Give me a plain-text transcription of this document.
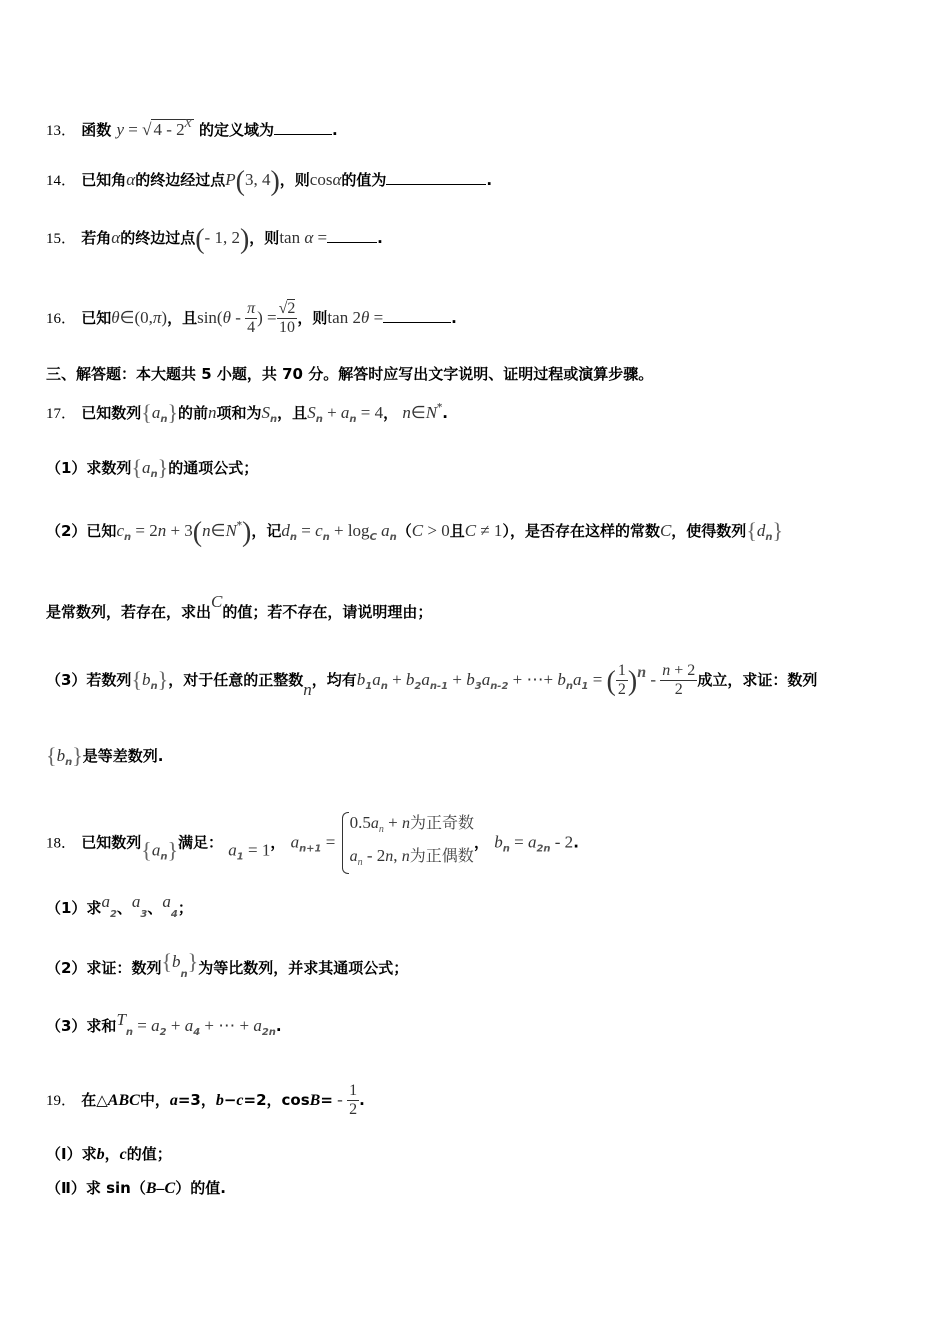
13． 函数 y = √ 4 - 2x 的定义域为	.
14． 已知角α的终边经过点P(3, 4)，则cosα的值为	.
15． 若角α的终边过点(- 1, 2)，则tan α =	.
16． 已知θ∈(0,π)，且$\sin(\theta - \frac{\pi}{4}$ ) = $\frac{√2}{10}$ ，则tan 2θ =	.
三、解答题：本大题共 5 小题，共 70 分。解答时应写出文字说明、证明过程或演算步骤。
17． 已知数列$\{a_n\}$的前n项和为$S_n$，且$S_n + a_n = 4$， n∈N*.
（1）求数列$\{a_n\}$的通项公式；
（2）已知$c_n = 2n$ + 3(n∈N*)，记$d_n = c_n + \log_C a_n(C > 0$且C ≠ 1），是否存在这样的常数C，使得数列$\{d_n\}$
是常数列，若存在，求出C的值；若不存在，请说明理由；
（3）若数列$\{b_n\}$，对于任意的正整数n，均有$b_1a_n + b_2a_{n-1} + b_3a_{n-2}$ + ⋯+ $b_na_1$ = ( $\frac{1}{2} )n - \frac{n + 2}{2}$ 成立，求证：数列
$\{b_n\}$是等差数列.
18． 已知数列$\{a_n\}$满足： $a_1 = 1$， $a_{n+1}$ =
$0.5a_n + n$为正奇数
$a_n - 2n$, n为正偶数
， $b_n = a_{2n} - 2$.
（1）求$a_2$、$a_3$、$a_4$；
（2）求证：数列$\{b_n\}$为等比数列，并求其通项公式；
（3）求和$T_n = a_2 + a_4$ + ⋯ + $a_{2n}$.
19． 在△ABC中，a=3，b−c=2，$\cos B= - \frac{1}{2}$ .
（Ⅰ）求b，c的值；
（Ⅱ）求 sin（B–C）的值.
